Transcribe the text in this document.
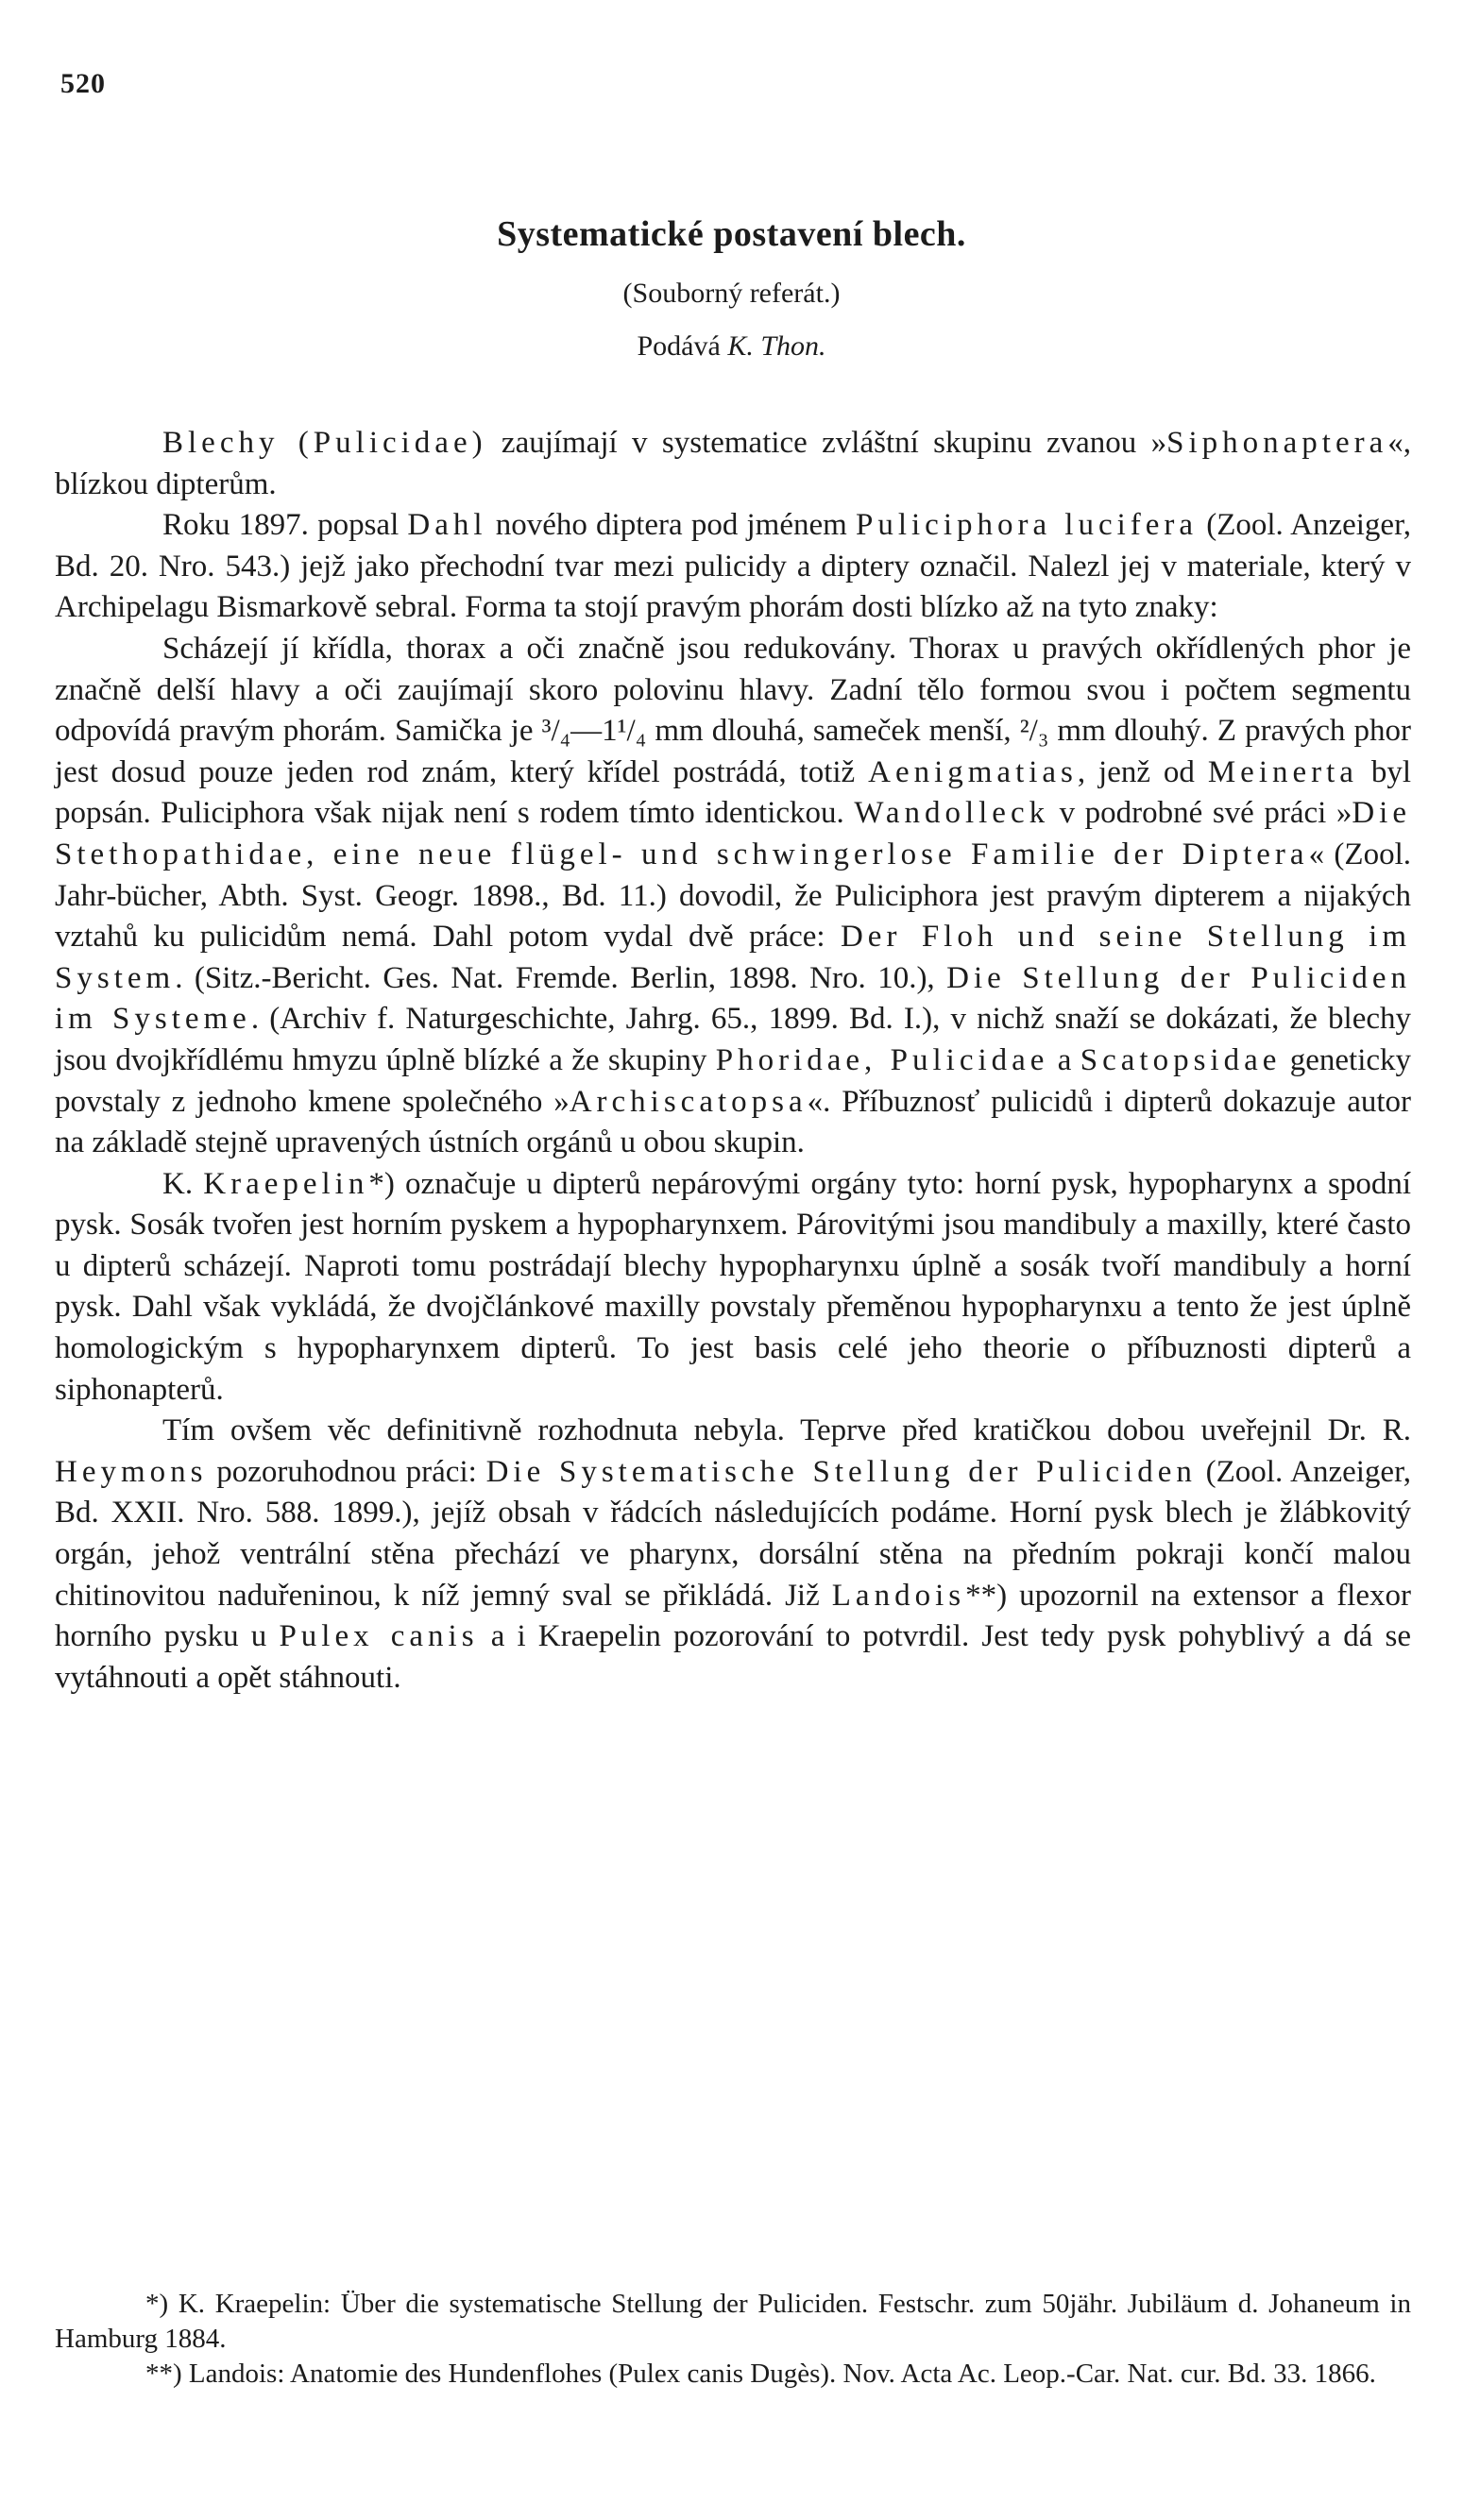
520
Systematické postavení blech.

(Souborný referát.)

Podává K. Thon.

Blechy (Pulicidae) zaujímají v systematice zvláštní skupinu zvanou »Siphonaptera«, blízkou dipterům.

Roku 1897. popsal Dahl nového diptera pod jménem Puliciphora lucifera (Zool. Anzeiger, Bd. 20. Nro. 543.) jejž jako přechodní tvar mezi pulicidy a diptery označil. Nalezl jej v materiale, který v Archipelagu Bismarkově sebral. Forma ta stojí pravým phorám dosti blízko až na tyto znaky:

Scházejí jí křídla, thorax a oči značně jsou redukovány. Thorax u pravých okřídlených phor je značně delší hlavy a oči zaujímají skoro polovinu hlavy. Zadní tělo formou svou i počtem segmentu odpovídá pravým phorám. Samička je ³/₄—1¹/₄ mm dlouhá, sameček menší, ²/₃ mm dlouhý. Z pravých phor jest dosud pouze jeden rod znám, který křídel postrádá, totiž Aenigmatias, jenž od Meinerta byl popsán. Puliciphora však nijak není s rodem tímto identickou. Wandolleck v podrobné své práci »Die Stethopathidae, eine neue flügel- und schwingerlose Familie der Diptera« (Zool. Jahr-bücher, Abth. Syst. Geogr. 1898., Bd. 11.) dovodil, že Puliciphora jest pravým dipterem a nijakých vztahů ku pulicidům nemá. Dahl potom vydal dvě práce: Der Floh und seine Stellung im System. (Sitz.-Bericht. Ges. Nat. Fremde. Berlin, 1898. Nro. 10.), Die Stellung der Puliciden im Systeme. (Archiv f. Naturgeschichte, Jahrg. 65., 1899. Bd. I.), v nichž snaží se dokázati, že blechy jsou dvojkřídlému hmyzu úplně blízké a že skupiny Phoridae, Pulicidae a Scatopsidae geneticky povstaly z jednoho kmene společného »Archiscatopsa«. Příbuznosť pulicidů i dipterů dokazuje autor na základě stejně upravených ústních orgánů u obou skupin.

K. Kraepelin*) označuje u dipterů nepárovými orgány tyto: horní pysk, hypopharynx a spodní pysk. Sosák tvořen jest horním pyskem a hypopharynxem. Párovitými jsou mandibuly a maxilly, které často u dipterů scházejí. Naproti tomu postrádají blechy hypopharynxu úplně a sosák tvoří mandibuly a horní pysk. Dahl však vykládá, že dvojčlánkové maxilly povstaly přeměnou hypopharynxu a tento že jest úplně homologickým s hypopharynxem dipterů. To jest basis celé jeho theorie o příbuznosti dipterů a siphonapterů.

Tím ovšem věc definitivně rozhodnuta nebyla. Teprve před kratičkou dobou uveřejnil Dr. R. Heymons pozoruhodnou práci: Die Systematische Stellung der Puliciden (Zool. Anzeiger, Bd. XXII. Nro. 588. 1899.), jejíž obsah v řádcích následujících podáme. Horní pysk blech je žlábkovitý orgán, jehož ventrální stěna přechází ve pharynx, dorsální stěna na předním pokraji končí malou chitinovitou naduřeninou, k níž jemný sval se přikládá. Již Landois**) upozornil na extensor a flexor horního pysku u Pulex canis a i Kraepelin pozorování to potvrdil. Jest tedy pysk pohyblivý a dá se vytáhnouti a opět stáhnouti.

*) K. Kraepelin: Über die systematische Stellung der Puliciden. Festschr. zum 50jähr. Jubiläum d. Johaneum in Hamburg 1884.

**) Landois: Anatomie des Hundenflohes (Pulex canis Dugès). Nov. Acta Ac. Leop.-Car. Nat. cur. Bd. 33. 1866.
